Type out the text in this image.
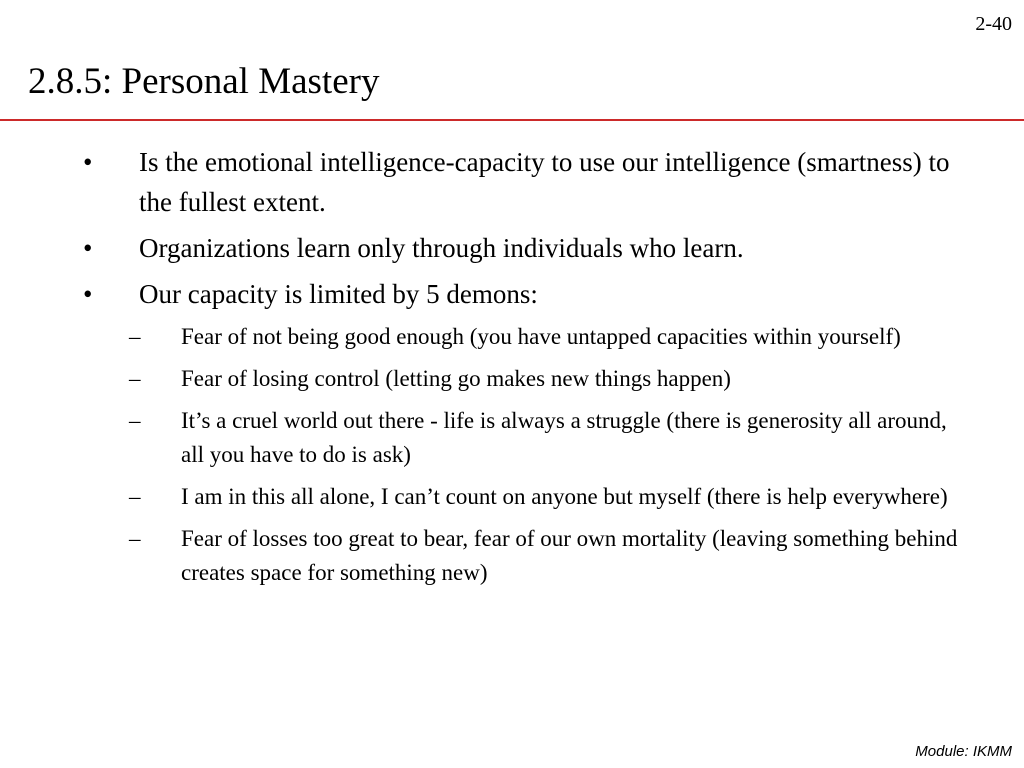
2-40
2.8.5: Personal Mastery
• Is the emotional intelligence-capacity to use our intelligence (smartness) to the fullest extent.
• Organizations learn only through individuals who learn.
• Our capacity is limited by 5 demons:
– Fear of not being good enough (you have untapped capacities within yourself)
– Fear of losing control (letting go makes new things happen)
– It’s a cruel world out there - life is always a struggle (there is generosity all around, all you have to do is ask)
– I am in this all alone, I can’t count on anyone but myself (there is help everywhere)
– Fear of losses too great to bear, fear of our own mortality (leaving something behind creates space for something new)
Module: IKMM
